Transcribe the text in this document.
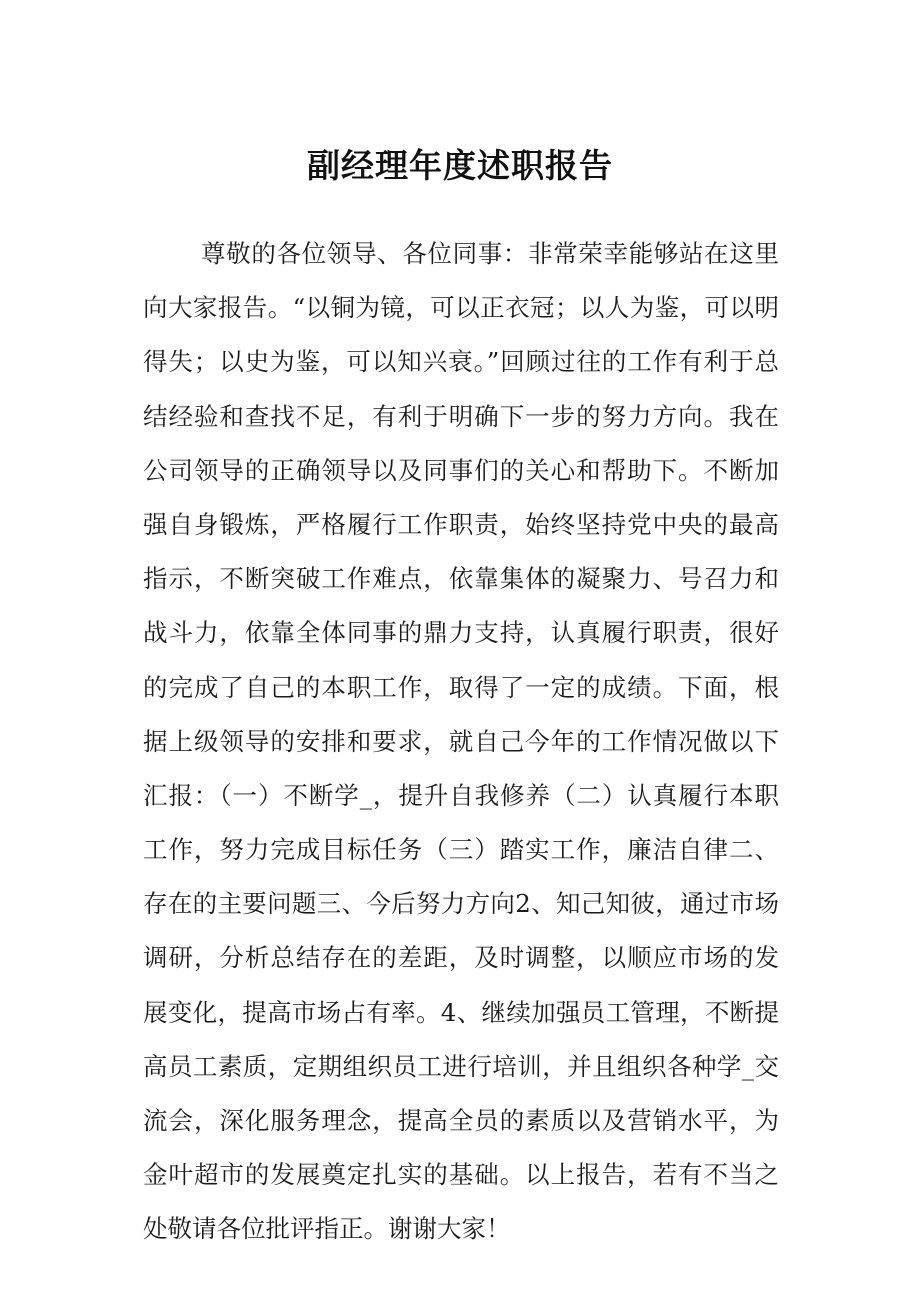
副经理年度述职报告
尊敬的各位领导、各位同事：非常荣幸能够站在这里
向大家报告。“以铜为镜，可以正衣冠；以人为鉴，可以明
得失；以史为鉴，可以知兴衰。”回顾过往的工作有利于总
结经验和查找不足，有利于明确下一步的努力方向。我在
公司领导的正确领导以及同事们的关心和帮助下。不断加
强自身锻炼，严格履行工作职责，始终坚持党中央的最高
指示，不断突破工作难点，依靠集体的凝聚力、号召力和
战斗力，依靠全体同事的鼎力支持，认真履行职责，很好
的完成了自己的本职工作，取得了一定的成绩。下面，根
据上级领导的安排和要求，就自己今年的工作情况做以下
汇报：（一）不断学_，提升自我修养（二）认真履行本职
工作，努力完成目标任务（三）踏实工作，廉洁自律二、
存在的主要问题三、今后努力方向2、知己知彼，通过市场
调研，分析总结存在的差距，及时调整，以顺应市场的发
展变化，提高市场占有率。4、继续加强员工管理，不断提
高员工素质，定期组织员工进行培训，并且组织各种学_交
流会，深化服务理念，提高全员的素质以及营销水平，为
金叶超市的发展奠定扎实的基础。以上报告，若有不当之
处敬请各位批评指正。谢谢大家！
